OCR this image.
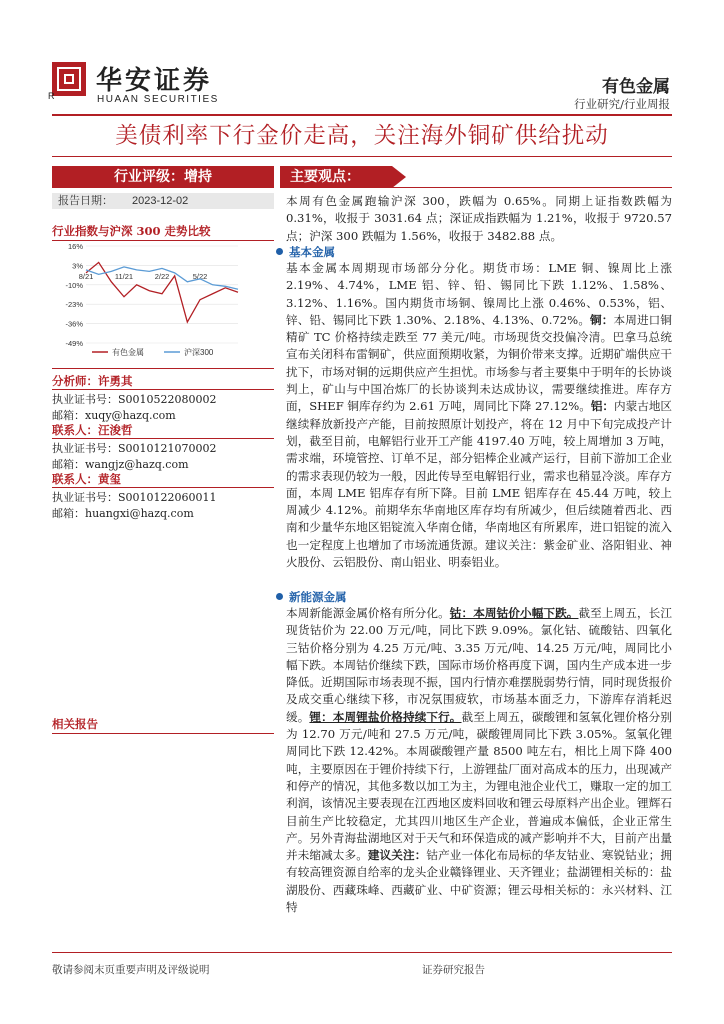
华安证券
HUAAN SECURITIES
R	有色金属
行业研究/行业周报
美债利率下行金价走高，关注海外铜矿供给扰动
行业评级：增持
报告日期： 2023-12-02
行业指数与沪深 300 走势比较
16%
3%
-10%
-23%
-36%
-49%
8/21	11/21	2/22	5/22
有色金属	沪深300
分析师：许勇其
执业证书号：S0010522080002
邮箱：xuqy@hazq.com
联系人：汪浚哲
执业证书号：S0010121070002
邮箱：wangjz@hazq.com
联系人：黄玺
执业证书号：S0010122060011
邮箱：huangxi@hazq.com
相关报告
主要观点：

本周有色金属跑输沪深 300，跌幅为 0.65%。同期上证指数跌幅为 0.31%，收报于 3031.64 点；深证成指跌幅为 1.21%，收报于 9720.57 点；沪深 300 跌幅为 1.56%，收报于 3482.88 点。

基本金属

基本金属本周期现市场部分分化。期货市场：LME 铜、镍周比上涨 2.19%、4.74%，LME 铝、锌、铅、锡同比下跌 1.12%、1.58%、3.12%、1.16%。国内期货市场铜、镍周比上涨 0.46%、0.53%，铝、锌、铅、锡同比下跌 1.30%、2.18%、4.13%、0.72%。铜：本周进口铜精矿 TC 价格持续走跌至 77 美元/吨。市场现货交投偏冷清。巴拿马总统宣布关闭科布雷铜矿，供应面预期收紧，为铜价带来支撑。近期矿端供应干扰下，市场对铜的远期供应产生担忧。市场参与者主要集中于明年的长协谈判上，矿山与中国冶炼厂的长协谈判未达成协议，需要继续推进。库存方面，SHEF 铜库存约为 2.61 万吨，周同比下降 27.12%。铝：内蒙古地区继续释放新投产产能，目前按照原计划投产，将在 12 月中下旬完成投产计划，截至目前，电解铝行业开工产能 4197.40 万吨，较上周增加 3 万吨，需求端，环境管控、订单不足，部分铝棒企业减产运行，目前下游加工企业的需求表现仍较为一般，因此传导至电解铝行业，需求也稍显冷淡。库存方面，本周 LME 铝库存有所下降。目前 LME 铝库存在 45.44 万吨，较上周减少 4.12%。前期华东华南地区库存均有所减少，但后续随着西北、西南和少量华东地区铝锭流入华南仓储，华南地区有所累库，进口铝锭的流入也一定程度上也增加了市场流通货源。建议关注：紫金矿业、洛阳钼业、神火股份、云铝股份、南山铝业、明泰铝业。

新能源金属

本周新能源金属价格有所分化。钴：本周钴价小幅下跌。截至上周五，长江现货钴价为 22.00 万元/吨，同比下跌 9.09%。氯化钴、硫酸钴、四氧化三钴价格分别为 4.25 万元/吨、3.35 万元/吨、14.25 万元/吨，周同比小幅下跌。本周钴价继续下跌，国际市场价格再度下调，国内生产成本进一步降低。近期国际市场表现不振，国内行情亦难摆脱弱势行情，同时现货报价及成交重心继续下移，市况氛围疲软，市场基本面乏力，下游库存消耗迟缓。锂：本周锂盐价格持续下行。截至上周五，碳酸锂和氢氧化锂价格分别为 12.70 万元/吨和 27.5 万元/吨，碳酸锂周同比下跌 3.05%。氢氧化锂周同比下跌 12.42%。本周碳酸锂产量 8500 吨左右，相比上周下降 400 吨，主要原因在于锂价持续下行，上游锂盐厂面对高成本的压力，出现减产和停产的情况，其他多数以加工为主，为锂电池企业代工，赚取一定的加工利润，该情况主要表现在江西地区废料回收和锂云母原料产出企业。锂辉石目前生产比较稳定，尤其四川地区生产企业，普遍成本偏低，企业正常生产。另外青海盐湖地区对于天气和环保造成的减产影响并不大，目前产出量并未缩减太多。建议关注：钴产业一体化布局标的华友钴业、寒锐钴业；拥有较高锂资源自给率的龙头企业赣锋锂业、天齐锂业；盐湖锂相关标的：盐湖股份、西藏珠峰、西藏矿业、中矿资源；锂云母相关标的：永兴材料、江特

敬请参阅末页重要声明及评级说明	证券研究报告
